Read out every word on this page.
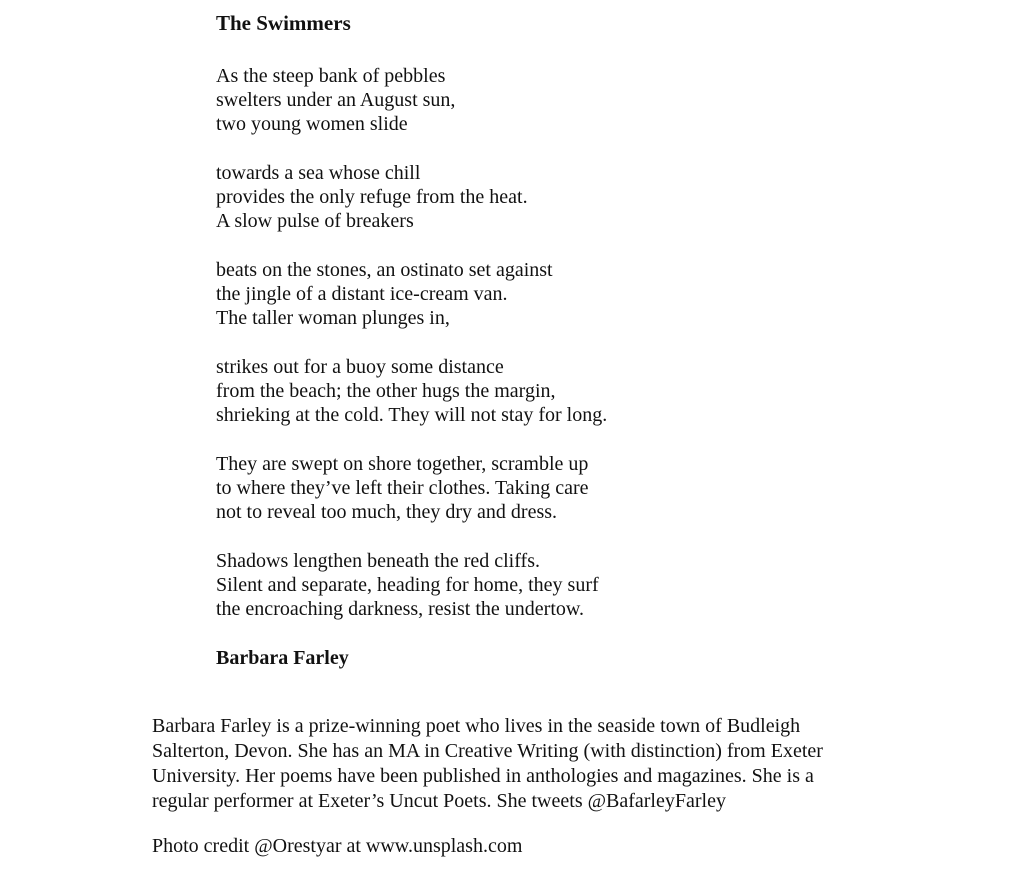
The Swimmers
As the steep bank of pebbles
swelters under an August sun,
two young women slide
towards a sea whose chill
provides the only refuge from the heat.
A slow pulse of breakers
beats on the stones, an ostinato set against
the jingle of a distant ice-cream van.
The taller woman plunges in,
strikes out for a buoy some distance
from the beach; the other hugs the margin,
shrieking at the cold. They will not stay for long.
They are swept on shore together, scramble up
to where they’ve left their clothes. Taking care
not to reveal too much, they dry and dress.
Shadows lengthen beneath the red cliffs.
Silent and separate, heading for home, they surf
the encroaching darkness, resist the undertow.
Barbara Farley
Barbara Farley is a prize-winning poet who lives in the seaside town of Budleigh
Salterton, Devon. She has an MA in Creative Writing (with distinction) from Exeter
University. Her poems have been published in anthologies and magazines. She is a
regular performer at Exeter’s Uncut Poets. She tweets @BafarleyFarley
Photo credit @Orestyar at www.unsplash.com
